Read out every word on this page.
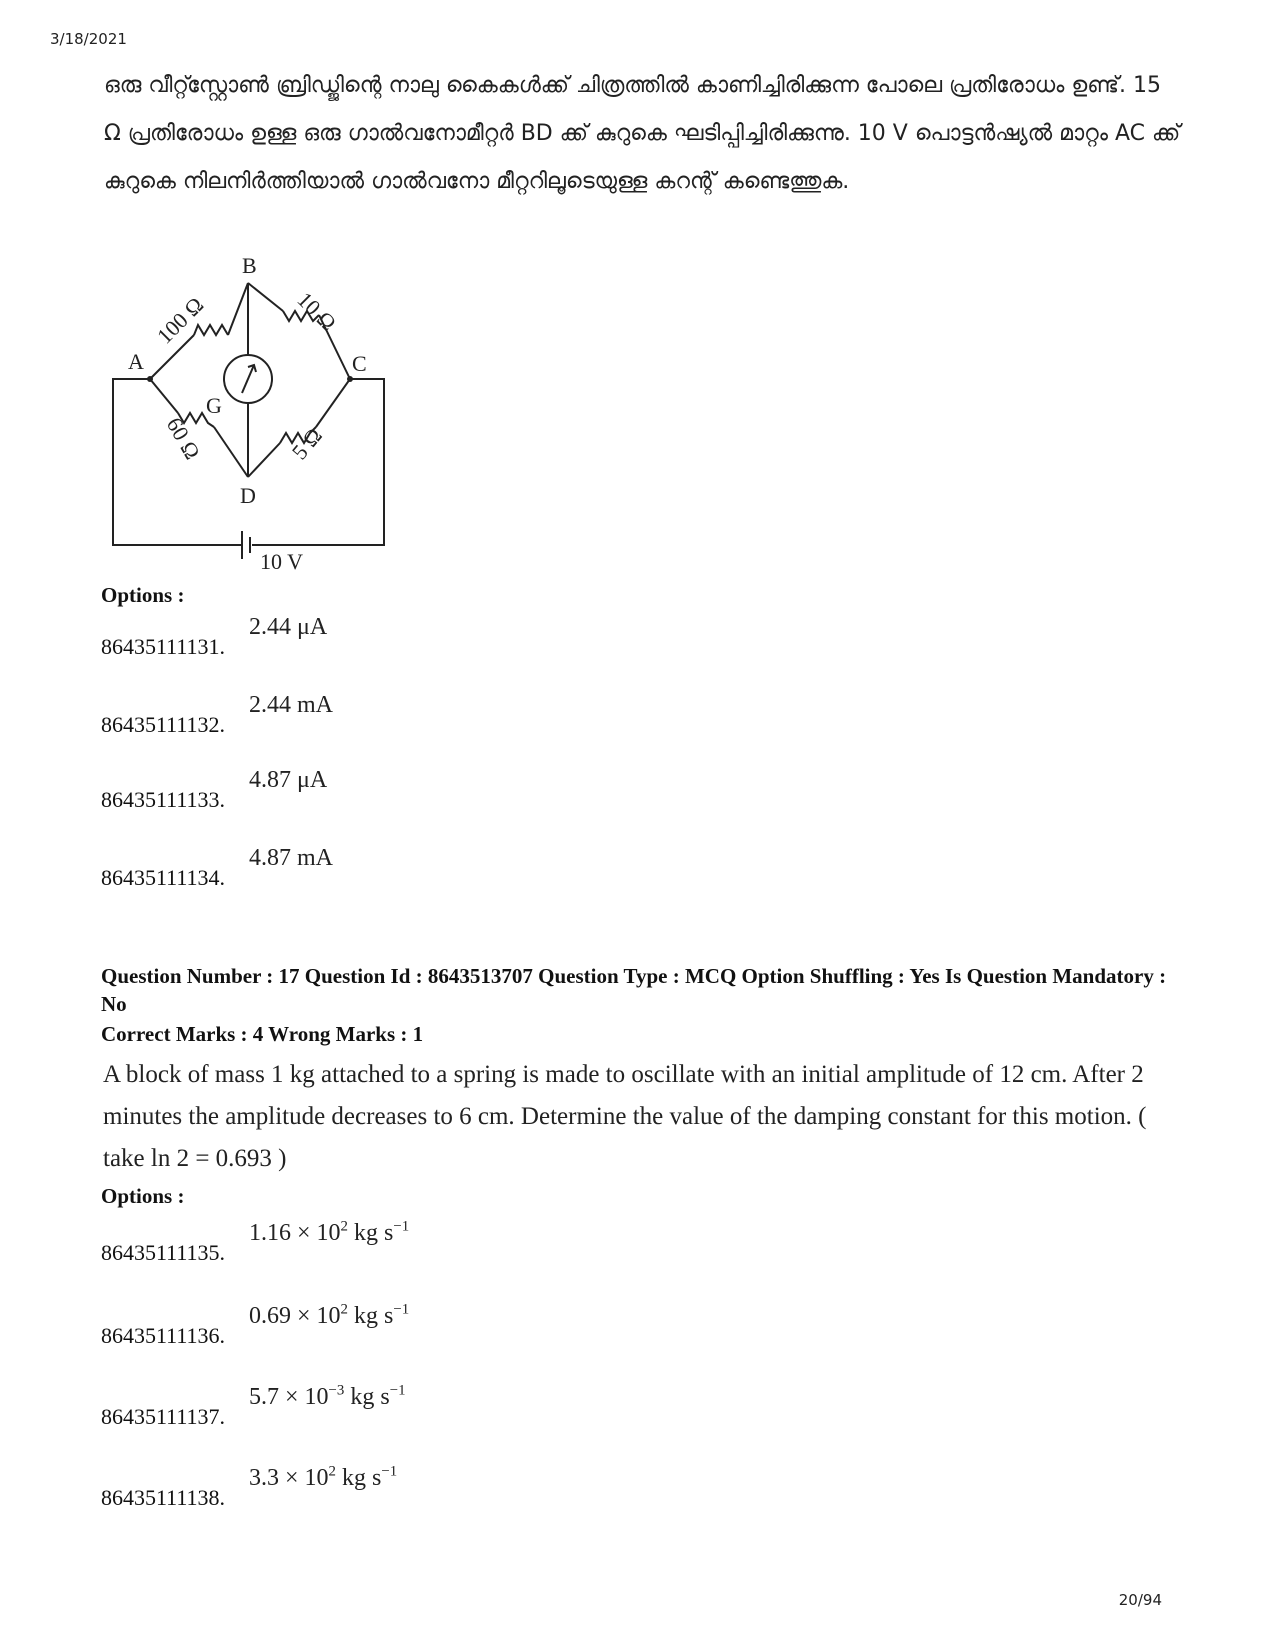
3/18/2021
ഒരു വീറ്റ്സ്റ്റോൺ ബ്രിഡ്ജിന്റെ നാലു കൈകൾക്ക് ചിത്രത്തിൽ കാണിച്ചിരിക്കുന്ന പോലെ പ്രതിരോധം ഉണ്ട്. 15 Ω പ്രതിരോധം ഉള്ള ഒരു ഗാൽവനോമീറ്റർ BD ക്ക് കുറുകെ ഘടിപ്പിച്ചിരിക്കുന്നു. 10 V പൊട്ടൻഷ്യൽ മാറ്റം AC ക്ക് കുറുകെ നിലനിർത്തിയാൽ ഗാൽവനോ മീറ്ററിലൂടെയുള്ള കറന്റ് കണ്ടെത്തുക.
B
A	C
D
G
10 V
100 Ω	10 Ω
60 Ω	5 Ω
Options :
86435111131.
2.44 μA
86435111132.
2.44 mA
86435111133.
4.87 μA
86435111134.
4.87 mA
Question Number : 17 Question Id : 8643513707 Question Type : MCQ Option Shuffling : Yes Is Question Mandatory : No
Correct Marks : 4 Wrong Marks : 1
A block of mass 1 kg attached to a spring is made to oscillate with an initial amplitude of 12 cm. After 2 minutes the amplitude decreases to 6 cm. Determine the value of the damping constant for this motion. ( take ln 2 = 0.693 )
Options :
86435111135.
$1.16 \times 10^2$ kg $s^{-1}$
86435111136.
$0.69 \times 10^2$ kg $s^{-1}$
86435111137.
$5.7 \times 10^{-3}$ kg $s^{-1}$
86435111138.
$3.3 \times 10^2$ kg $s^{-1}$
20/94
